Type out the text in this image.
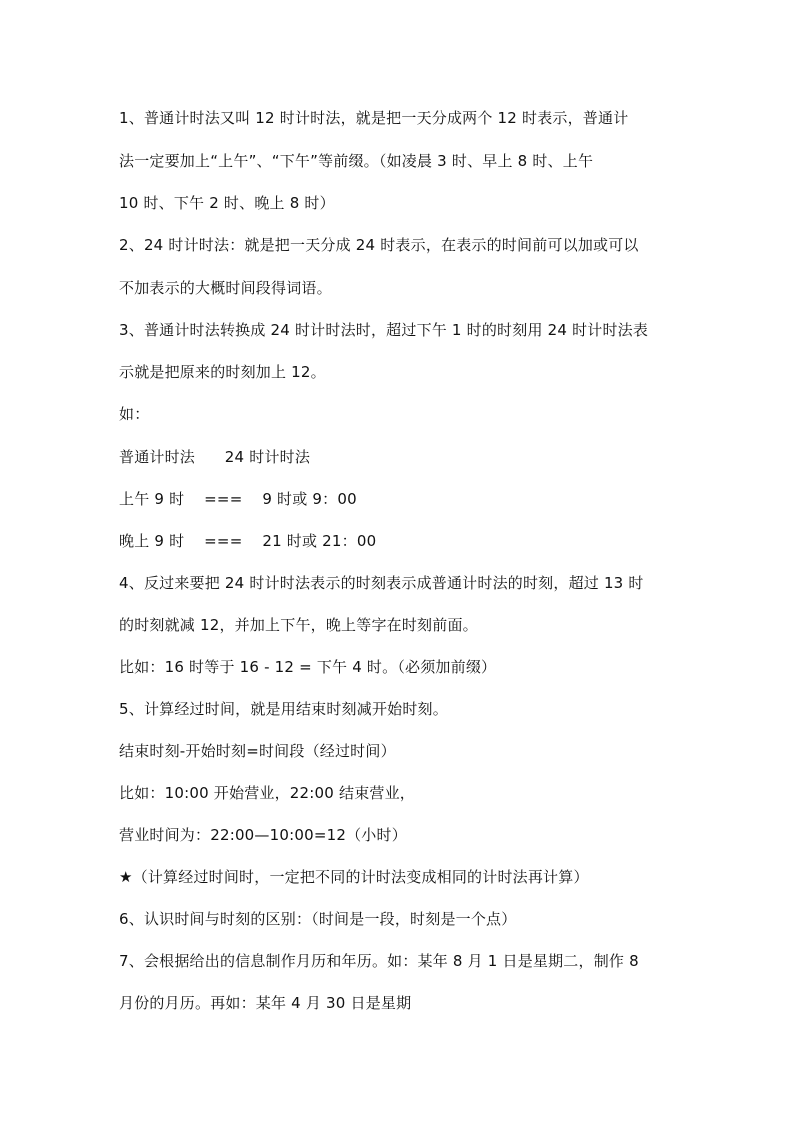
1、普通计时法又叫 12 时计时法，就是把一天分成两个 12 时表示，普通计

法一定要加上“上午”、“下午”等前缀。（如凌晨 3 时、早上 8 时、上午

10 时、下午 2 时、晚上 8 时）

2、24 时计时法：就是把一天分成 24 时表示，在表示的时间前可以加或可以

不加表示的大概时间段得词语。

3、普通计时法转换成 24 时计时法时，超过下午 1 时的时刻用 24 时计时法表

示就是把原来的时刻加上 12。

如：

普通计时法      24 时计时法

上午 9 时    ===    9 时或 9：00

晚上 9 时    ===    21 时或 21：00

4、反过来要把 24 时计时法表示的时刻表示成普通计时法的时刻，超过 13 时

的时刻就减 12，并加上下午，晚上等字在时刻前面。

比如：16 时等于 16 - 12 = 下午 4 时。（必须加前缀）

5、计算经过时间，就是用结束时刻减开始时刻。

结束时刻-开始时刻=时间段（经过时间）

比如：10:00 开始营业，22:00 结束营业，

营业时间为：22:00—10:00=12（小时）

★（计算经过时间时，一定把不同的计时法变成相同的计时法再计算）

6、认识时间与时刻的区别：（时间是一段，时刻是一个点）

7、会根据给出的信息制作月历和年历。如：某年 8 月 1 日是星期二，制作 8

月份的月历。再如：某年 4 月 30 日是星期
